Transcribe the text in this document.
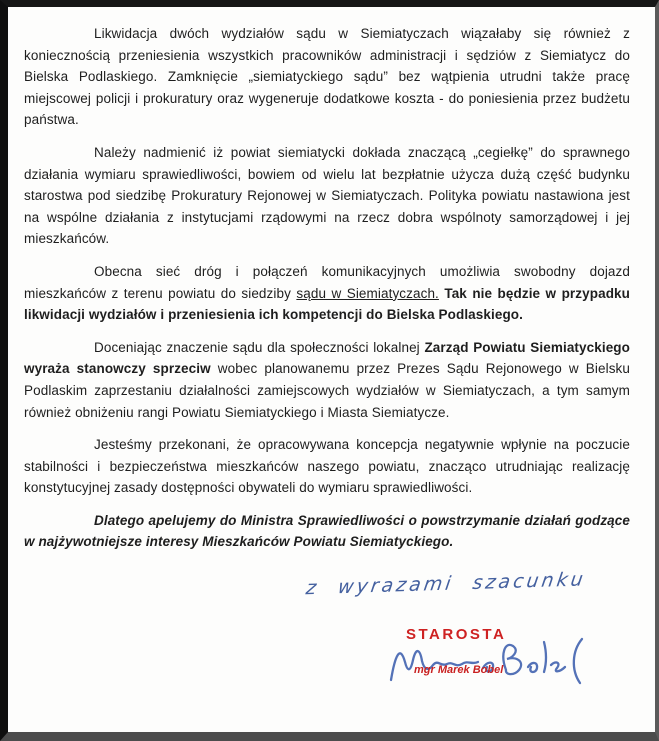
Likwidacja dwóch wydziałów sądu w Siemiatyczach wiązałaby się również z koniecznością przeniesienia wszystkich pracowników administracji i sędziów z Siemiatycz do Bielska Podlaskiego. Zamknięcie „siemiatyckiego sądu” bez wątpienia utrudni także pracę miejscowej policji i prokuratury oraz wygeneruje dodatkowe koszta - do poniesienia przez budżetu państwa.

Należy nadmienić iż powiat siemiatycki dokłada znaczącą „cegiełkę” do sprawnego działania wymiaru sprawiedliwości, bowiem od wielu lat bezpłatnie użycza dużą część budynku starostwa pod siedzibę Prokuratury Rejonowej w Siemiatyczach. Polityka powiatu nastawiona jest na wspólne działania z instytucjami rządowymi na rzecz dobra wspólnoty samorządowej i jej mieszkańców.

Obecna sieć dróg i połączeń komunikacyjnych umożliwia swobodny dojazd mieszkańców z terenu powiatu do siedziby sądu w Siemiatyczach. Tak nie będzie w przypadku likwidacji wydziałów i przeniesienia ich kompetencji do Bielska Podlaskiego.

Doceniając znaczenie sądu dla społeczności lokalnej Zarząd Powiatu Siemiatyckiego wyraża stanowczy sprzeciw wobec planowanemu przez Prezes Sądu Rejonowego w Bielsku Podlaskim zaprzestaniu działalności zamiejscowych wydziałów w Siemiatyczach, a tym samym również obniżeniu rangi Powiatu Siemiatyckiego i Miasta Siemiatycze.

Jesteśmy przekonani, że opracowywana koncepcja negatywnie wpłynie na poczucie stabilności i bezpieczeństwa mieszkańców naszego powiatu, znacząco utrudniając realizację konstytucyjnej zasady dostępności obywateli do wymiaru sprawiedliwości.

Dlatego apelujemy do Ministra Sprawiedliwości o powstrzymanie działań godzące w najżywotniejsze interesy Mieszkańców Powiatu Siemiatyckiego.

z wyrazami szacunku
STAROSTA
mgr Marek Bobel
